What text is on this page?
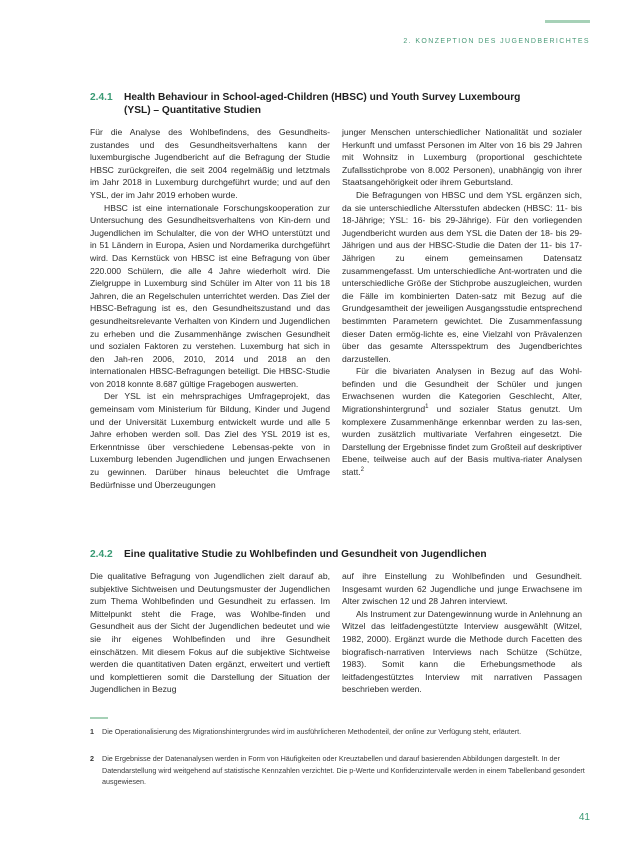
2. KONZEPTION DES JUGENDBERICHTES
2.4.1 Health Behaviour in School-aged-Children (HBSC) und Youth Survey Luxembourg
(YSL) – Quantitative Studien

Für die Analyse des Wohlbefindens, des Gesundheits-zustandes und des Gesundheitsverhaltens kann der luxemburgische Jugendbericht auf die Befragung der Studie HBSC zurückgreifen, die seit 2004 regelmäßig und letztmals im Jahr 2018 in Luxemburg durchgeführt wurde; und auf den YSL, der im Jahr 2019 erhoben wurde.

HBSC ist eine internationale Forschungskooperation zur Untersuchung des Gesundheitsverhaltens von Kin-dern und Jugendlichen im Schulalter, die von der WHO unterstützt und in 51 Ländern in Europa, Asien und Nordamerika durchgeführt wird. Das Kernstück von HBSC ist eine Befragung von über 220.000 Schülern, die alle 4 Jahre wiederholt wird. Die Zielgruppe in Luxemburg sind Schüler im Alter von 11 bis 18 Jahren, die an Regelschulen unterrichtet werden. Das Ziel der HBSC-Befragung ist es, den Gesundheitszustand und das gesundheitsrelevante Verhalten von Kindern und Jugendlichen zu erheben und die Zusammenhänge zwischen Gesundheit und sozialen Faktoren zu verstehen. Luxemburg hat sich in den Jah-ren 2006, 2010, 2014 und 2018 an den internationalen HBSC-Befragungen beteiligt. Die HBSC-Studie von 2018 konnte 8.687 gültige Fragebogen auswerten.

Der YSL ist ein mehrsprachiges Umfrageprojekt, das gemeinsam vom Ministerium für Bildung, Kinder und Jugend und der Universität Luxemburg entwickelt wurde und alle 5 Jahre erhoben werden soll. Das Ziel des YSL 2019 ist es, Erkenntnisse über verschiedene Lebensas-pekte von in Luxemburg lebenden Jugendlichen und jungen Erwachsenen zu gewinnen. Darüber hinaus beleuchtet die Umfrage Bedürfnisse und Überzeugungen

junger Menschen unterschiedlicher Nationalität und sozialer Herkunft und umfasst Personen im Alter von 16 bis 29 Jahren mit Wohnsitz in Luxemburg (proportional geschichtete Zufallsstichprobe von 8.002 Personen), unabhängig von ihrer Staatsangehörigkeit oder ihrem Geburtsland.

Die Befragungen von HBSC und dem YSL ergänzen sich, da sie unterschiedliche Altersstufen abdecken (HBSC: 11- bis 18-Jährige; YSL: 16- bis 29-Jährige). Für den vorliegenden Jugendbericht wurden aus dem YSL die Daten der 18- bis 29-Jährigen und aus der HBSC-Studie die Daten der 11- bis 17-Jährigen zu einem gemeinsamen Datensatz zusammengefasst. Um unterschiedliche Ant-wortraten und die unterschiedliche Größe der Stichprobe auszugleichen, wurden die Fälle im kombinierten Daten-satz mit Bezug auf die Grundgesamtheit der jeweiligen Ausgangsstudie entsprechend bestimmten Parametern gewichtet. Die Zusammenfassung dieser Daten ermög-lichte es, eine Vielzahl von Prävalenzen über das gesamte Altersspektrum des Jugendberichtes darzustellen.

Für die bivariaten Analysen in Bezug auf das Wohl-befinden und die Gesundheit der Schüler und jungen Erwachsenen wurden die Kategorien Geschlecht, Alter, Migrationshintergrund$^1$ und sozialer Status genutzt. Um komplexere Zusammenhänge erkennbar werden zu las-sen, wurden zusätzlich multivariate Verfahren eingesetzt. Die Darstellung der Ergebnisse findet zum Großteil auf deskriptiver Ebene, teilweise auch auf der Basis multiva-riater Analysen statt.$^2$

2.4.2 Eine qualitative Studie zu Wohlbefinden und Gesundheit von Jugendlichen

Die qualitative Befragung von Jugendlichen zielt darauf ab, subjektive Sichtweisen und Deutungsmuster der Jugendlichen zum Thema Wohlbefinden und Gesundheit zu erfassen. Im Mittelpunkt steht die Frage, was Wohlbe-finden und Gesundheit aus der Sicht der Jugendlichen bedeutet und wie sie ihr eigenes Wohlbefinden und ihre Gesundheit einschätzen. Mit diesem Fokus auf die subjektive Sichtweise werden die quantitativen Daten ergänzt, erweitert und vertieft und komplettieren somit die Darstellung der Situation der Jugendlichen in Bezug

auf ihre Einstellung zu Wohlbefinden und Gesundheit. Insgesamt wurden 62 Jugendliche und junge Erwachsene im Alter zwischen 12 und 28 Jahren interviewt.

Als Instrument zur Datengewinnung wurde in Anlehnung an Witzel das leitfadengestützte Interview ausgewählt (Witzel, 1982, 2000). Ergänzt wurde die Methode durch Facetten des biografisch-narrativen Interviews nach Schütze (Schütze, 1983). Somit kann die Erhebungsmethode als leitfadengestütztes Interview mit narrativen Passagen beschrieben werden.

1	Die Operationalisierung des Migrationshintergrundes wird im ausführlicheren Methodenteil, der online zur Verfügung steht, erläutert.
2	Die Ergebnisse der Datenanalysen werden in Form von Häufigkeiten oder Kreuztabellen und darauf basierenden Abbildungen dargestellt. In der Datendarstellung wird weitgehend auf statistische Kennzahlen verzichtet. Die p-Werte und Konfidenzintervalle werden in einem Tabellenband gesondert ausgewiesen.
41
